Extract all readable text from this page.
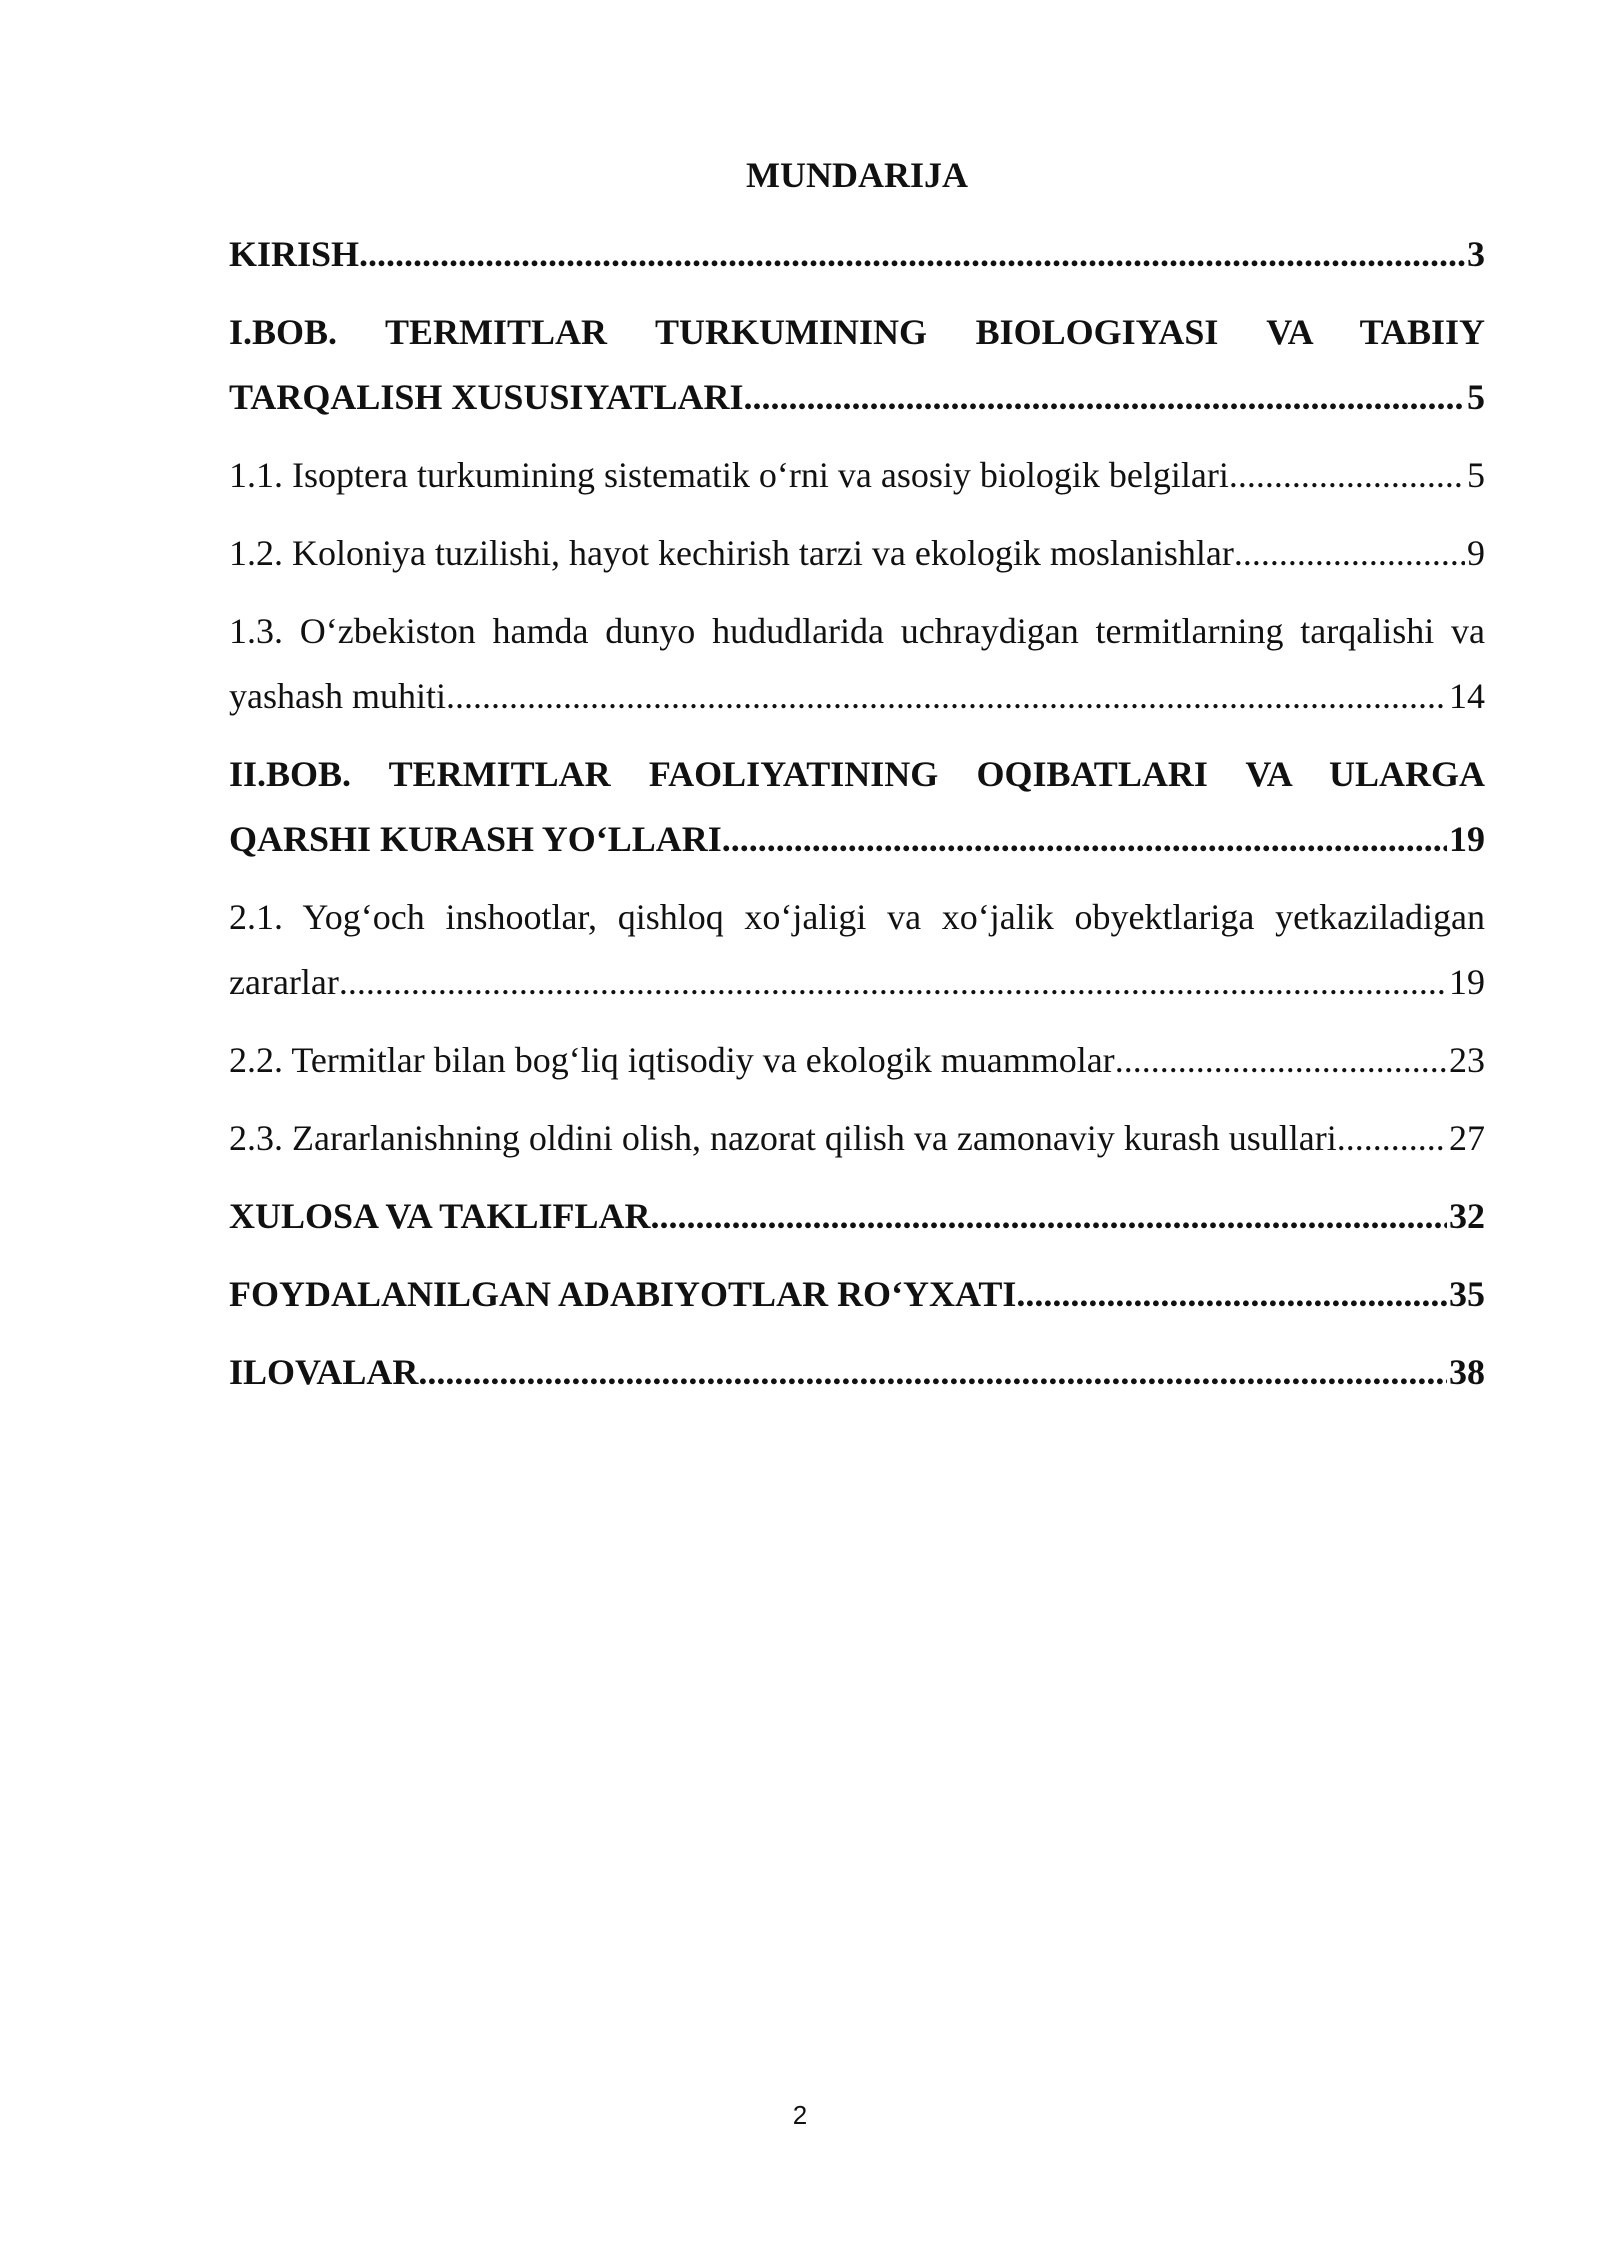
MUNDARIJA
KIRISH .....	3
I.BOB. TERMITLAR TURKUMINING BIOLOGIYASI VA TABIIY
TARQALISH XUSUSIYATLARI .....	5
1.1. Isoptera turkumining sistematik o‘rni va asosiy biologik belgilari .....	5
1.2. Koloniya tuzilishi, hayot kechirish tarzi va ekologik moslanishlar .....	9
1.3. O‘zbekiston hamda dunyo hududlarida uchraydigan termitlarning tarqalishi va
yashash muhiti .....	14
II.BOB. TERMITLAR FAOLIYATINING OQIBATLARI VA ULARGA
QARSHI KURASH YO‘LLARI .....	19
2.1. Yog‘och inshootlar, qishloq xo‘jaligi va xo‘jalik obyektlariga yetkaziladigan
zararlar .....	19
2.2. Termitlar bilan bog‘liq iqtisodiy va ekologik muammolar .....	23
2.3. Zararlanishning oldini olish, nazorat qilish va zamonaviy kurash usullari .....	27
XULOSA VA TAKLIFLAR .....	32
FOYDALANILGAN ADABIYOTLAR RO‘YXATI .....	35
ILOVALAR .....	38
2
